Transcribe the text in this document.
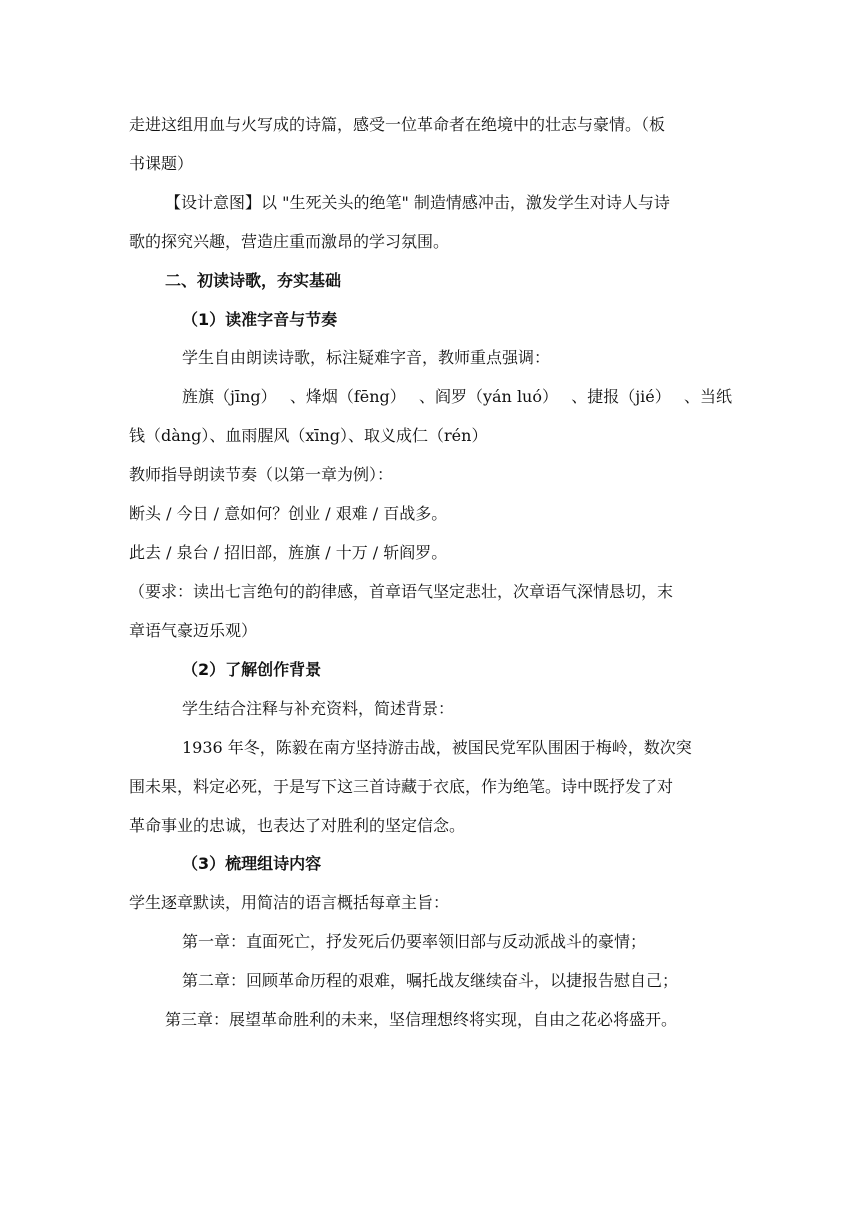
走进这组用血与火写成的诗篇，感受一位革命者在绝境中的壮志与豪情。（板
书课题）
【设计意图】以 "生死关头的绝笔" 制造情感冲击，激发学生对诗人与诗
歌的探究兴趣，营造庄重而激昂的学习氛围。
二、初读诗歌，夯实基础
（1）读准字音与节奏
学生自由朗读诗歌，标注疑难字音，教师重点强调：
旌旗（jīng） 、烽烟（fēng） 、阎罗（yán luó） 、捷报（jié） 、当纸
钱（dàng）、血雨腥风（xīng）、取义成仁（rén）
教师指导朗读节奏（以第一章为例）：
断头 / 今日 / 意如何？创业 / 艰难 / 百战多。
此去 / 泉台 / 招旧部，旌旗 / 十万 / 斩阎罗。
（要求：读出七言绝句的韵律感，首章语气坚定悲壮，次章语气深情恳切，末
章语气豪迈乐观）
（2）了解创作背景
学生结合注释与补充资料，简述背景：
1936 年冬，陈毅在南方坚持游击战，被国民党军队围困于梅岭，数次突
围未果，料定必死，于是写下这三首诗藏于衣底，作为绝笔。诗中既抒发了对
革命事业的忠诚，也表达了对胜利的坚定信念。
（3）梳理组诗内容
学生逐章默读，用简洁的语言概括每章主旨：
第一章：直面死亡，抒发死后仍要率领旧部与反动派战斗的豪情；
第二章：回顾革命历程的艰难，嘱托战友继续奋斗，以捷报告慰自己；
第三章：展望革命胜利的未来，坚信理想终将实现，自由之花必将盛开。
